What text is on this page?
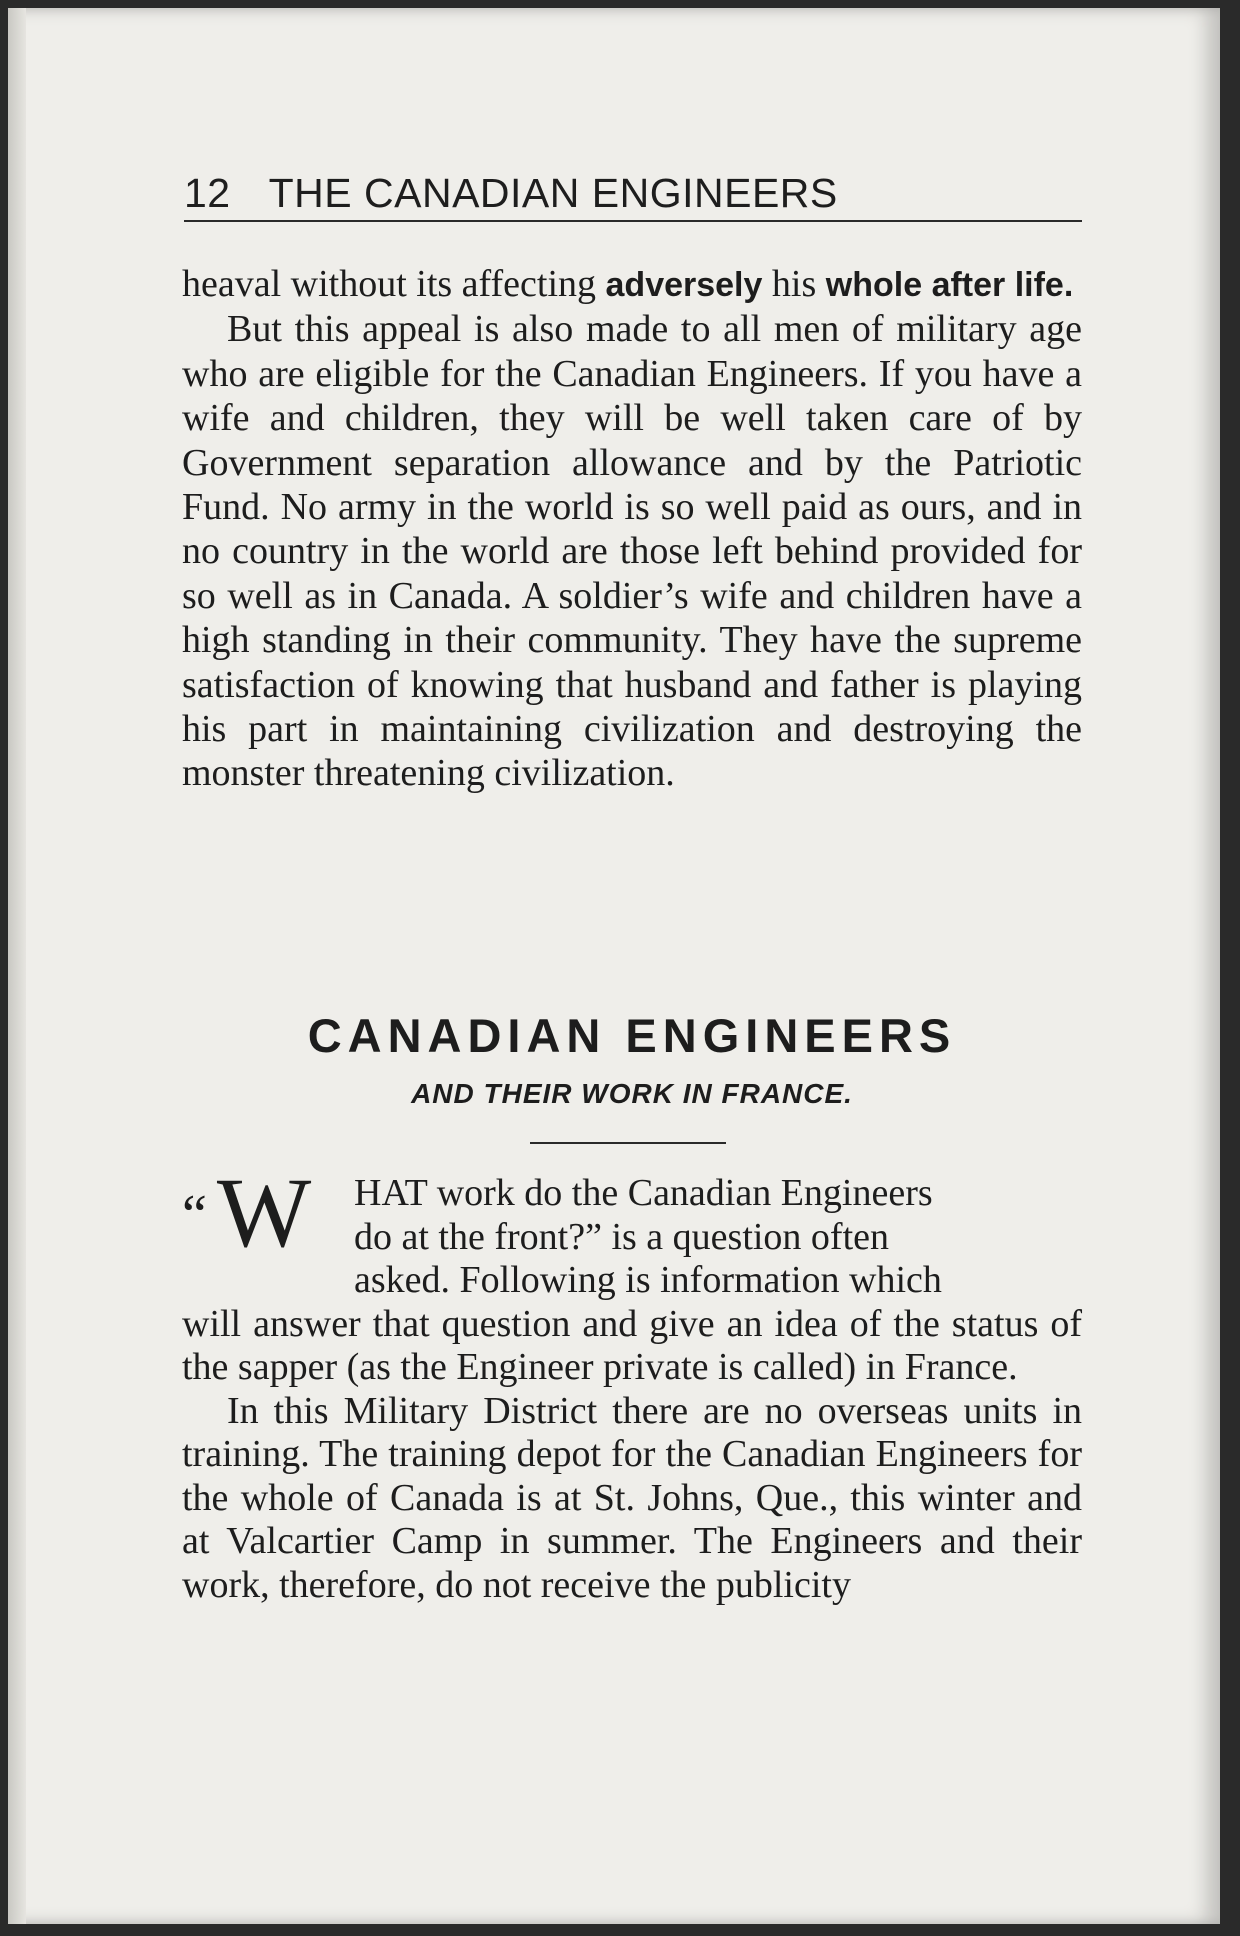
12 THE CANADIAN ENGINEERS

heaval without its affecting adversely his whole after life.

But this appeal is also made to all men of military age who are eligible for the Canadian Engineers. If you have a wife and children, they will be well taken care of by Government separation allowance and by the Patriotic Fund. No army in the world is so well paid as ours, and in no country in the world are those left behind provided for so well as in Canada. A soldier’s wife and children have a high standing in their community. They have the supreme satisfaction of knowing that husband and father is playing his part in maintaining civilization and destroying the monster threatening civilization.

CANADIAN ENGINEERS
AND THEIR WORK IN FRANCE.
“ W	HAT work do the Canadian Engineers

do at the front?” is a question often

asked. Following is information which

will answer that question and give an idea of the status of the sapper (as the Engineer private is called) in France.

In this Military District there are no overseas units in training. The training depot for the Canadian Engineers for the whole of Canada is at St. Johns, Que., this winter and at Valcartier Camp in summer. The Engineers and their work, therefore, do not receive the publicity
